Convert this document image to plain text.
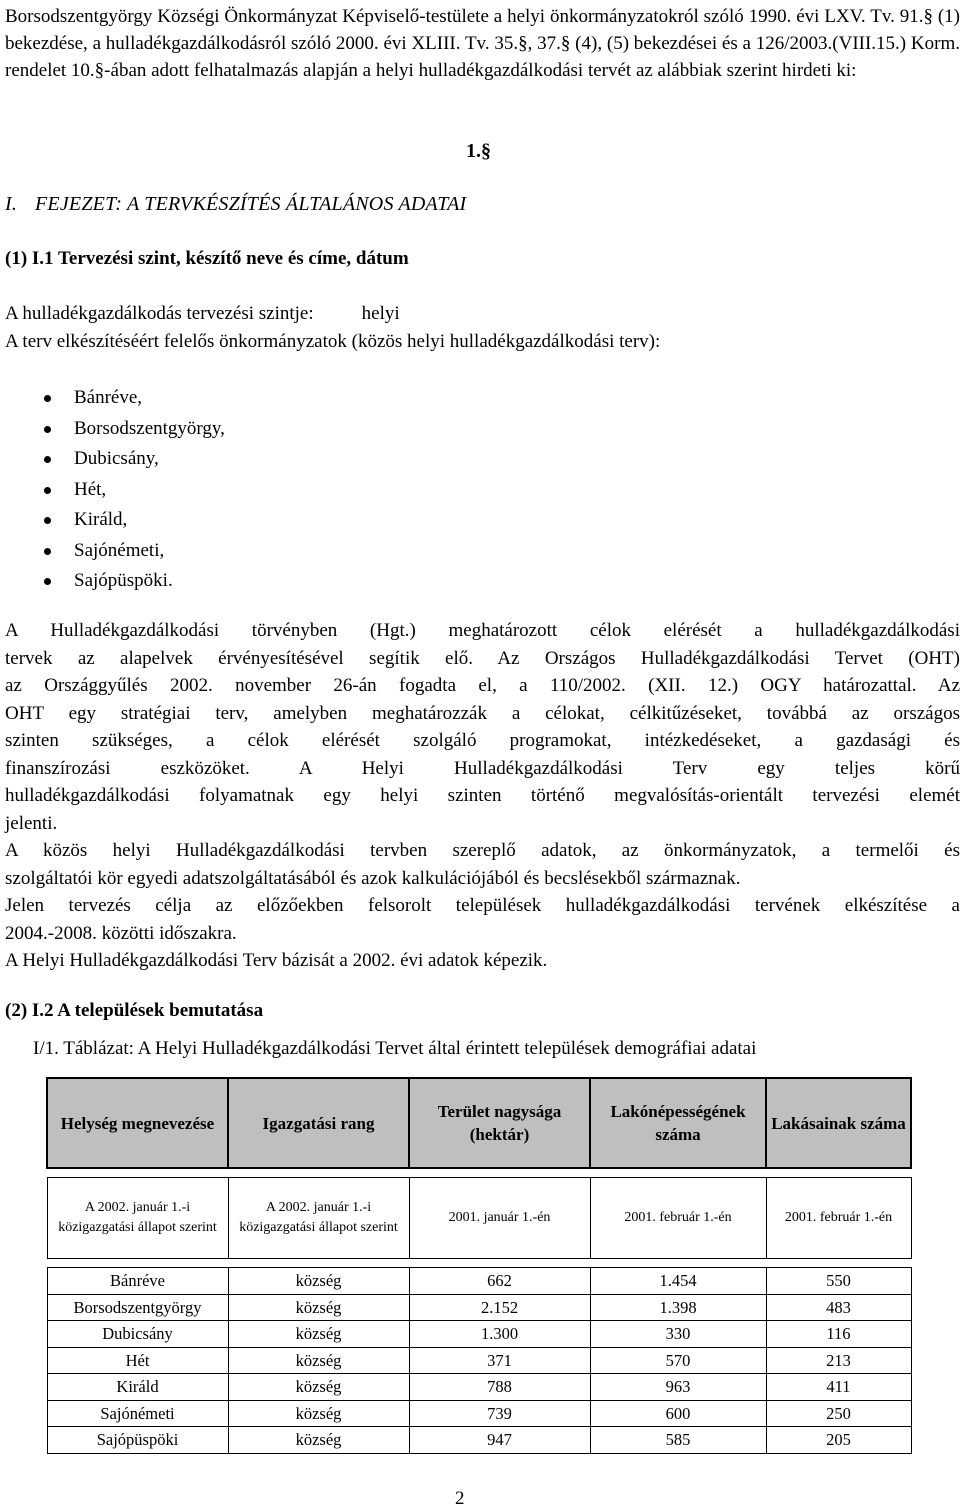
Borsodszentgyörgy Községi Önkormányzat Képviselő-testülete a helyi önkormányzatokról szóló 1990. évi LXV. Tv. 91.§ (1) bekezdése, a hulladékgazdálkodásról szóló 2000. évi XLIII. Tv. 35.§, 37.§ (4), (5) bekezdései és a 126/2003.(VIII.15.) Korm. rendelet 10.§-ában adott felhatalmazás alapján a helyi hulladékgazdálkodási tervét az alábbiak szerint hirdeti ki:

1.§
I. FEJEZET: A TERVKÉSZÍTÉS ÁLTALÁNOS ADATAI
(1) I.1 Tervezési szint, készítő neve és címe, dátum
A hulladékgazdálkodás tervezési szintje:	helyi
A terv elkészítéséért felelős önkormányzatok (közös helyi hulladékgazdálkodási terv):
Bánréve,
Borsodszentgyörgy,
Dubicsány,
Hét,
Királd,
Sajónémeti,
Sajópüspöki.
A Hulladékgazdálkodási törvényben (Hgt.) meghatározott célok elérését a hulladékgazdálkodási
tervek az alapelvek érvényesítésével segítik elő. Az Országos Hulladékgazdálkodási Tervet (OHT)
az Országgyűlés 2002. november 26-án fogadta el, a 110/2002. (XII. 12.) OGY határozattal. Az
OHT egy stratégiai terv, amelyben meghatározzák a célokat, célkitűzéseket, továbbá az országos
szinten szükséges, a célok elérését szolgáló programokat, intézkedéseket, a gazdasági és
finanszírozási eszközöket. A Helyi Hulladékgazdálkodási Terv egy teljes körű
hulladékgazdálkodási folyamatnak egy helyi szinten történő megvalósítás-orientált tervezési elemét
jelenti.
A közös helyi Hulladékgazdálkodási tervben szereplő adatok, az önkormányzatok, a termelői és
szolgáltatói kör egyedi adatszolgáltatásából és azok kalkulációjából és becslésekből származnak.
Jelen tervezés célja az előzőekben felsorolt települések hulladékgazdálkodási tervének elkészítése a
2004.-2008. közötti időszakra.
A Helyi Hulladékgazdálkodási Terv bázisát a 2002. évi adatok képezik.
(2) I.2 A települések bemutatása
I/1. Táblázat: A Helyi Hulladékgazdálkodási Tervet által érintett települések demográfiai adatai
Helység megnevezése	Igazgatási rang	Terület nagysága (hektár)	Lakónépességének száma	Lakásainak száma

A 2002. január 1.-i közigazgatási állapot szerint	A 2002. január 1.-i közigazgatási állapot szerint	2001. január 1.-én	2001. február 1.-én	2001. február 1.-én

Bánréve	község	662	1.454	550
Borsodszentgyörgy	község	2.152	1.398	483
Dubicsány	község	1.300	330	116
Hét	község	371	570	213
Királd	község	788	963	411
Sajónémeti	község	739	600	250
Sajópüspöki	község	947	585	205
2
